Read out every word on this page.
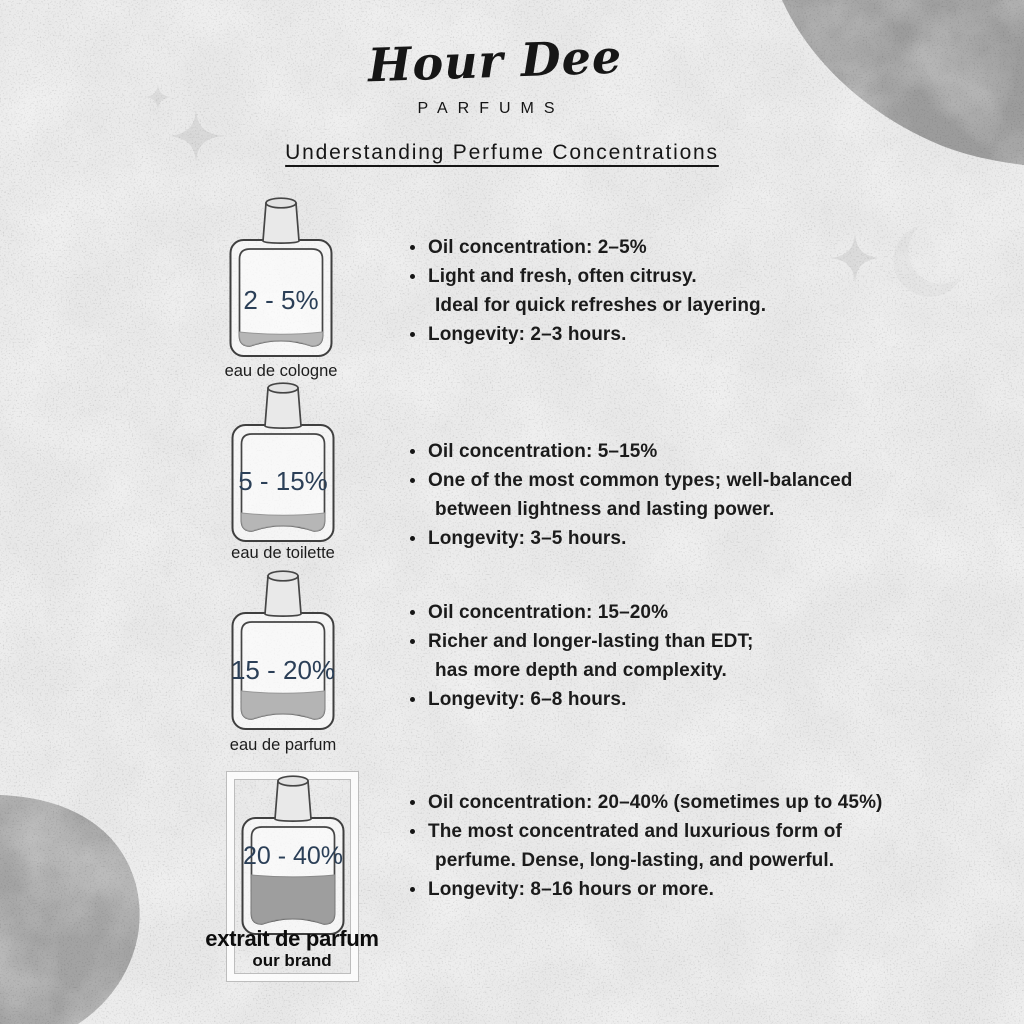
Hour Dee
PARFUMS
Understanding Perfume Concentrations
2 - 5%
eau de cologne
Oil concentration: 2–5%
Light and fresh, often citrusy.
Ideal for quick refreshes or layering.
Longevity: 2–3 hours.
5 - 15%
eau de toilette
Oil concentration: 5–15%
One of the most common types; well-balanced
between lightness and lasting power.
Longevity: 3–5 hours.
15 - 20%
eau de parfum
Oil concentration: 15–20%
Richer and longer-lasting than EDT;
has more depth and complexity.
Longevity: 6–8 hours.
20 - 40%
extrait de parfum
our brand
Oil concentration: 20–40% (sometimes up to 45%)
The most concentrated and luxurious form of
perfume. Dense, long-lasting, and powerful.
Longevity: 8–16 hours or more.
